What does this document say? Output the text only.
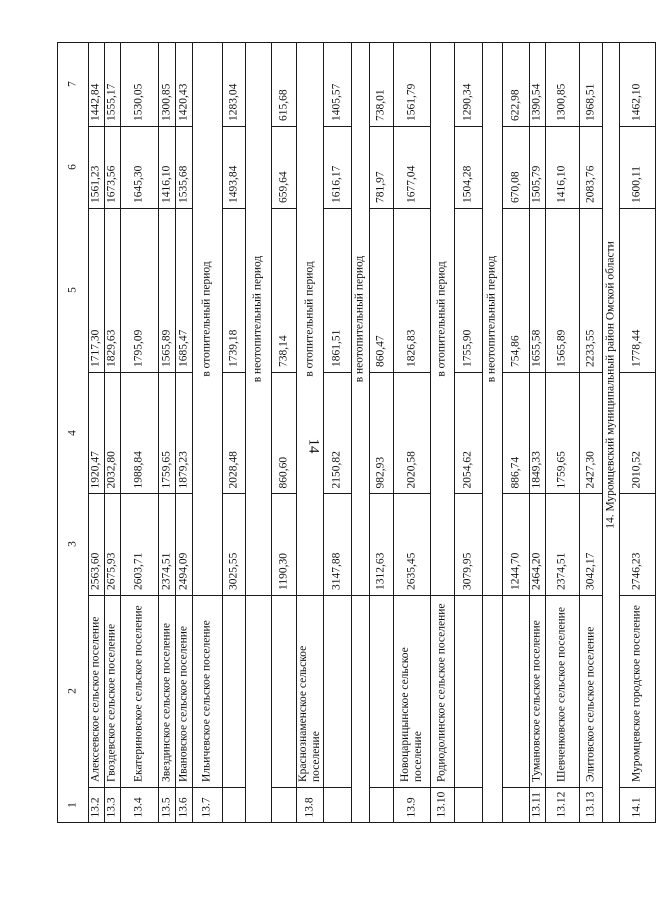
14
1
2
3
4
5
6
7
13.2
Алексеевское сельское поселение
2563,60
1920,47
1717,30
1561,23
1442,84
13.3
Гвоздевское сельское поселение
2675,93
2032,80
1829,63
1673,56
1555,17
13.4
Екатериновское сельское поселение
2603,71
1988,84
1795,09
1645,30
1530,05
13.5
Звездинское сельское поселение
2374,51
1759,65
1565,89
1416,10
1300,85
13.6
Ивановское сельское поселение
2494,09
1879,23
1685,47
1535,68
1420,43
13.7
Ильичевское сельское поселение
в отопительный период
3025,55
2028,48
1739,18
1493,84
1283,04
в неотопительный период
1190,30
860,60
738,14
659,64
615,68
13.8
Краснознаменское сельское поселение
в отопительный период
3147,88
2150,82
1861,51
1616,17
1405,57
в неотопительный период
1312,63
982,93
860,47
781,97
738,01
13.9
Новоцарицынское сельское поселение
2635,45
2020,58
1826,83
1677,04
1561,79
13.10
Родиодолинское сельское поселение
в отопительный период
3079,95
2054,62
1755,90
1504,28
1290,34
в неотопительный период
1244,70
886,74
754,86
670,08
622,98
13.11
Тумановское сельское поселение
2464,20
1849,33
1655,58
1505,79
1390,54
13.12
Шевченковское сельское поселение
2374,51
1759,65
1565,89
1416,10
1300,85
13.13
Элитовское сельское поселение
3042,17
2427,30
2233,55
2083,76
1968,51
14. Муромцевский муниципальный район Омской области
14.1
Муромцевское городское поселение
2746,23
2010,52
1778,44
1600,11
1462,10
